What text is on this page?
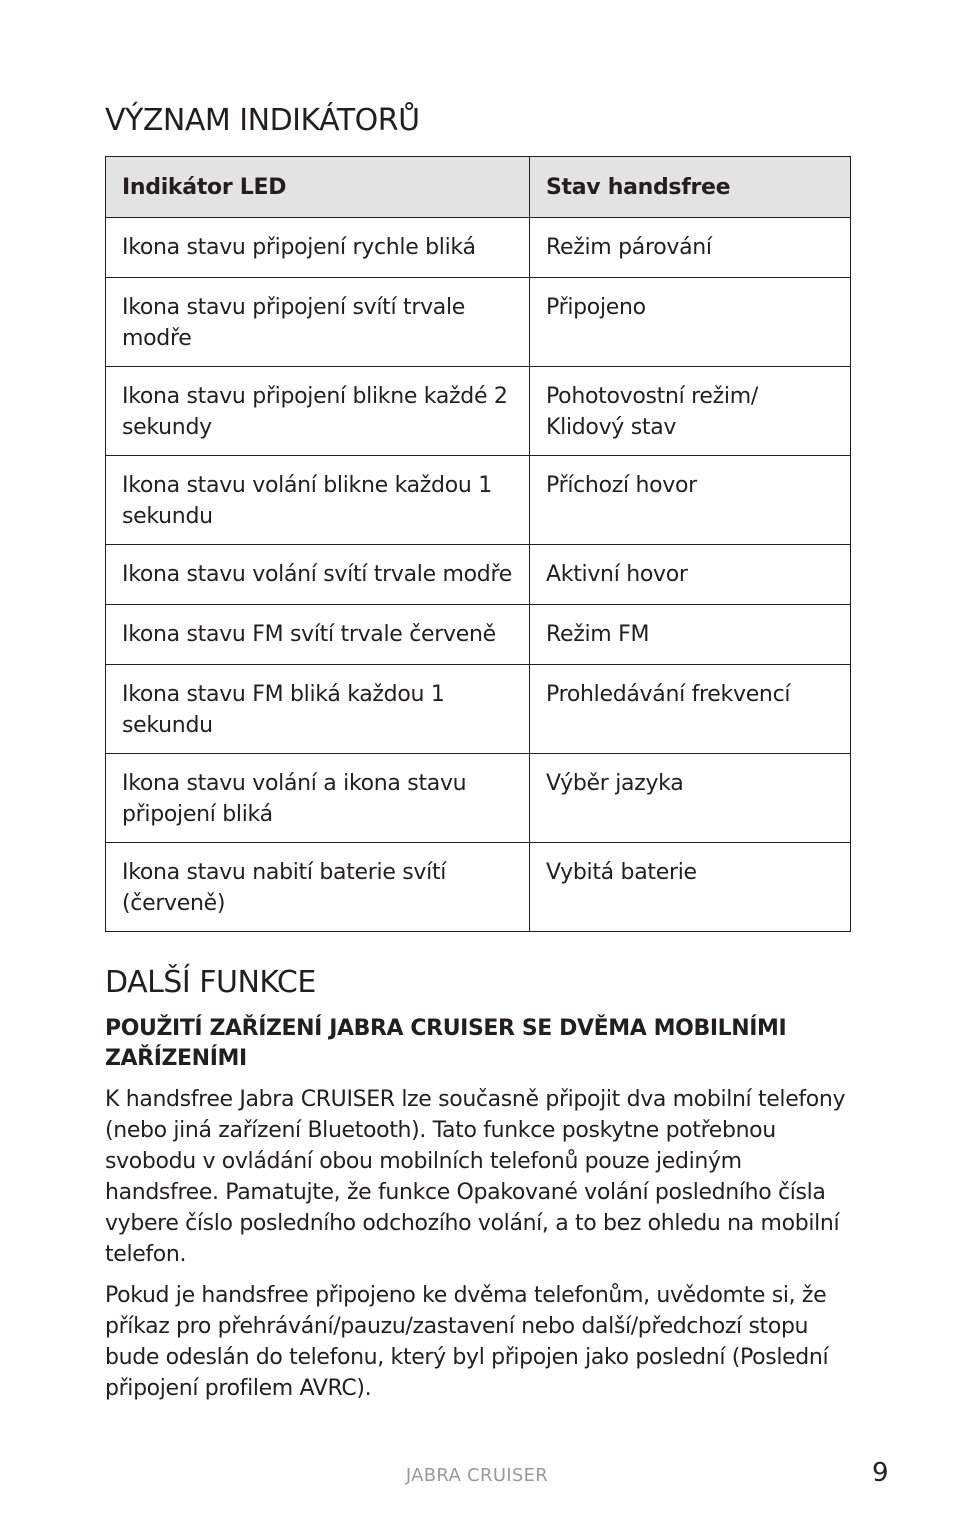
VÝZNAM INDIKÁTORŮ
Indikátor LED	Stav handsfree
Ikona stavu připojení rychle bliká	Režim párování
Ikona stavu připojení svítí trvale modře	Připojeno
Ikona stavu připojení blikne každé 2 sekundy	Pohotovostní režim/ Klidový stav
Ikona stavu volání blikne každou 1 sekundu	Příchozí hovor
Ikona stavu volání svítí trvale modře	Aktivní hovor
Ikona stavu FM svítí trvale červeně	Režim FM
Ikona stavu FM bliká každou 1 sekundu	Prohledávání frekvencí
Ikona stavu volání a ikona stavu připojení bliká	Výběr jazyka
Ikona stavu nabití baterie svítí (červeně)	Vybitá baterie
DALŠÍ FUNKCE
POUŽITÍ ZAŘÍZENÍ JABRA CRUISER SE DVĚMA MOBILNÍMI ZAŘÍZENÍMI

K handsfree Jabra CRUISER lze současně připojit dva mobilní telefony (nebo jiná zařízení Bluetooth). Tato funkce poskytne potřebnou svobodu v ovládání obou mobilních telefonů pouze jediným handsfree. Pamatujte, že funkce Opakované volání posledního čísla vybere číslo posledního odchozího volání, a to bez ohledu na mobilní telefon.

Pokud je handsfree připojeno ke dvěma telefonům, uvědomte si, že příkaz pro přehrávání/pauzu/zastavení nebo další/předchozí stopu bude odeslán do telefonu, který byl připojen jako poslední (Poslední připojení profilem AVRC).

JABRA CRUISER	9
